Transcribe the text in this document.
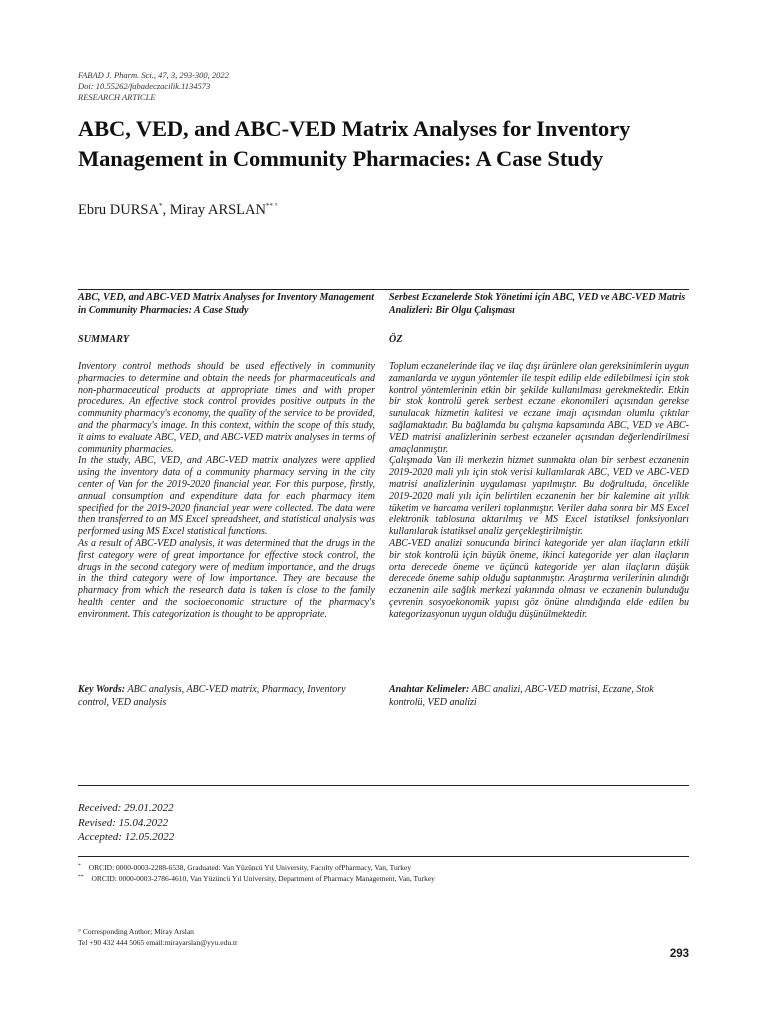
FABAD J. Pharm. Sci., 47, 3, 293-300, 2022
Doi: 10.55262/fabadeczacilik.1134573
RESEARCH ARTICLE
ABC, VED, and ABC-VED Matrix Analyses for Inventory
Management in Community Pharmacies: A Case Study
Ebru DURSA*, Miray ARSLAN** °
ABC, VED, and ABC-VED Matrix Analyses for Inventory Management in Community Pharmacies: A Case Study
SUMMARY

Inventory control methods should be used effectively in community pharmacies to determine and obtain the needs for pharmaceuticals and non-pharmaceutical products at appropriate times and with proper procedures. An effective stock control provides positive outputs in the community pharmacy's economy, the quality of the service to be provided, and the pharmacy's image. In this context, within the scope of this study, it aims to evaluate ABC, VED, and ABC-VED matrix analyses in terms of community pharmacies.

In the study, ABC, VED, and ABC-VED matrix analyzes were applied using the inventory data of a community pharmacy serving in the city center of Van for the 2019-2020 financial year. For this purpose, firstly, annual consumption and expenditure data for each pharmacy item specified for the 2019-2020 financial year were collected. The data were then transferred to an MS Excel spreadsheet, and statistical analysis was performed using MS Excel statistical functions.

As a result of ABC-VED analysis, it was determined that the drugs in the first category were of great importance for effective stock control, the drugs in the second category were of medium importance, and the drugs in the third category were of low importance. They are because the pharmacy from which the research data is taken is close to the family health center and the socioeconomic structure of the pharmacy's environment. This categorization is thought to be appropriate.

Key Words: ABC analysis, ABC-VED matrix, Pharmacy, Inventory control, VED analysis
Serbest Eczanelerde Stok Yönetimi için ABC, VED ve ABC-VED Matris Analizleri: Bir Olgu Çalışması
ÖZ

Toplum eczanelerinde ilaç ve ilaç dışı ürünlere olan gereksinimlerin uygun zamanlarda ve uygun yöntemler ile tespit edilip elde edilebilmesi için stok kontrol yöntemlerinin etkin bir şekilde kullanılması gerekmektedir. Etkin bir stok kontrolü gerek serbest eczane ekonomileri açısından gerekse sunulacak hizmetin kalitesi ve eczane imajı açısından olumlu çıktılar sağlamaktadır. Bu bağlamda bu çalışma kapsamında ABC, VED ve ABC-VED matrisi analizlerinin serbest eczaneler açısından değerlendirilmesi amaçlanmıştır.

Çalışmada Van ili merkezin hizmet sunmakta olan bir serbest eczanenin 2019-2020 mali yılı için stok verisi kullanılarak ABC, VED ve ABC-VED matrisi analizlerinin uygulaması yapılmıştır. Bu doğrultuda, öncelikle 2019-2020 mali yılı için belirtilen eczanenin her bir kalemine ait yıllık tüketim ve harcama verileri toplanmıştır. Veriler daha sonra bir MS Excel elektronik tablosuna aktarılmış ve MS Excel istatiksel fonksiyonları kullanılarak istatiksel analiz gerçekleştirilmiştir.

ABC-VED analizi sonucunda birinci kategoride yer alan ilaçların etkili bir stok kontrolü için büyük öneme, ikinci kategoride yer alan ilaçların orta derecede öneme ve üçüncü kategoride yer alan ilaçların düşük derecede öneme sahip olduğu saptanmıştır. Araştırma verilerinin alındığı eczanenin aile sağlık merkezi yakınında olması ve eczanenin bulunduğu çevrenin sosyoekonomik yapısı göz önüne alındığında elde edilen bu kategorizasyonun uygun olduğu düşünülmektedir.

Anahtar Kelimeler: ABC analizi, ABC-VED matrisi, Eczane, Stok kontrolü, VED analizi
Received: 29.01.2022
Revised: 15.04.2022
Accepted: 12.05.2022
* ORCID: 0000-0003-2288-6538, Graduated: Van Yüzüncü Yıl University, Faculty ofPharmacy, Van, Turkey
** ORCID: 0000-0003-2786-4610, Van Yüzüncü Yıl University, Department of Pharmacy Management, Van, Turkey
° Corresponding Author; Miray Arslan
Tel +90 432 444 5065 email:mirayarslan@yyu.edu.tr
293
